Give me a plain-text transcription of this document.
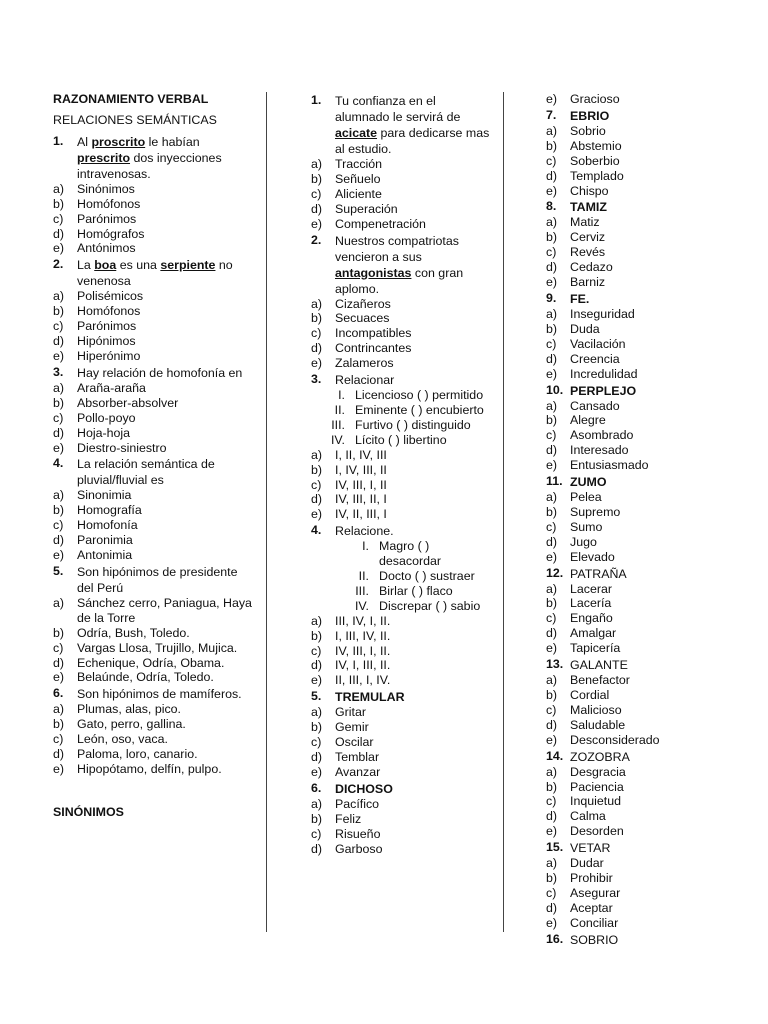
RAZONAMIENTO VERBAL
RELACIONES SEMÁNTICAS
1.	Al proscrito le habían prescrito dos inyecciones intravenosas.
a)	Sinónimos
b)	Homófonos
c)	Parónimos
d)	Homógrafos
e)	Antónimos
2.	La boa es una serpiente no venenosa
a)	Polisémicos
b)	Homófonos
c)	Parónimos
d)	Hipónimos
e)	Hiperónimo
3.	Hay relación de homofonía en
a)	Araña-araña
b)	Absorber-absolver
c)	Pollo-poyo
d)	Hoja-hoja
e)	Diestro-siniestro
4.	La relación semántica de pluvial/fluvial es
a)	Sinonimia
b)	Homografía
c)	Homofonía
d)	Paronimia
e)	Antonimia
5.	Son hipónimos de presidente del Perú
a)	Sánchez cerro, Paniagua, Haya de la Torre
b)	Odría, Bush, Toledo.
c)	Vargas Llosa, Trujillo, Mujica.
d)	Echenique, Odría, Obama.
e)	Belaúnde, Odría, Toledo.
6.	Son hipónimos de mamíferos.
a)	Plumas, alas, pico.
b)	Gato, perro, gallina.
c)	León, oso, vaca.
d)	Paloma, loro, canario.
e)	Hipopótamo, delfín, pulpo.
SINÓNIMOS
1.	Tu confianza en el alumnado le servirá de acicate para dedicarse mas al estudio.
a)	Tracción
b)	Señuelo
c)	Aliciente
d)	Superación
e)	Compenetración
2.	Nuestros compatriotas vencieron a sus antagonistas con gran aplomo.
a)	Cizañeros
b)	Secuaces
c)	Incompatibles
d)	Contrincantes
e)	Zalameros
3.	Relacionar
I. Licencioso ( ) permitido
II. Eminente ( ) encubierto
III. Furtivo ( ) distinguido
IV. Lícito ( ) libertino
a)	I, II, IV, III
b)	I, IV, III, II
c)	IV, III, I, II
d)	IV, III, II, I
e)	IV, II, III, I
4.	Relacione.
I. Magro ( ) desacordar
II. Docto ( ) sustraer
III. Birlar ( ) flaco
IV. Discrepar ( ) sabio
a)	III, IV, I, II.
b)	I, III, IV, II.
c)	IV, III, I, II.
d)	IV, I, III, II.
e)	II, III, I, IV.
5.	TREMULAR
a)	Gritar
b)	Gemir
c)	Oscilar
d)	Temblar
e)	Avanzar
6.	DICHOSO
a)	Pacífico
b)	Feliz
c)	Risueño
d)	Garboso
e)	Gracioso
7.	EBRIO
a)	Sobrio
b)	Abstemio
c)	Soberbio
d)	Templado
e)	Chispo
8.	TAMIZ
a)	Matiz
b)	Cerviz
c)	Revés
d)	Cedazo
e)	Barniz
9.	FE.
a)	Inseguridad
b)	Duda
c)	Vacilación
d)	Creencia
e)	Incredulidad
10. PERPLEJO
a)	Cansado
b)	Alegre
c)	Asombrado
d)	Interesado
e)	Entusiasmado
11. ZUMO
a)	Pelea
b)	Supremo
c)	Sumo
d)	Jugo
e)	Elevado
12. PATRAÑA
a)	Lacerar
b)	Lacería
c)	Engaño
d)	Amalgar
e)	Tapicería
13. GALANTE
a)	Benefactor
b)	Cordial
c)	Malicioso
d)	Saludable
e)	Desconsiderado
14. ZOZOBRA
a)	Desgracia
b)	Paciencia
c)	Inquietud
d)	Calma
e)	Desorden
15. VETAR
a)	Dudar
b)	Prohibir
c)	Asegurar
d)	Aceptar
e)	Conciliar
16. SOBRIO
